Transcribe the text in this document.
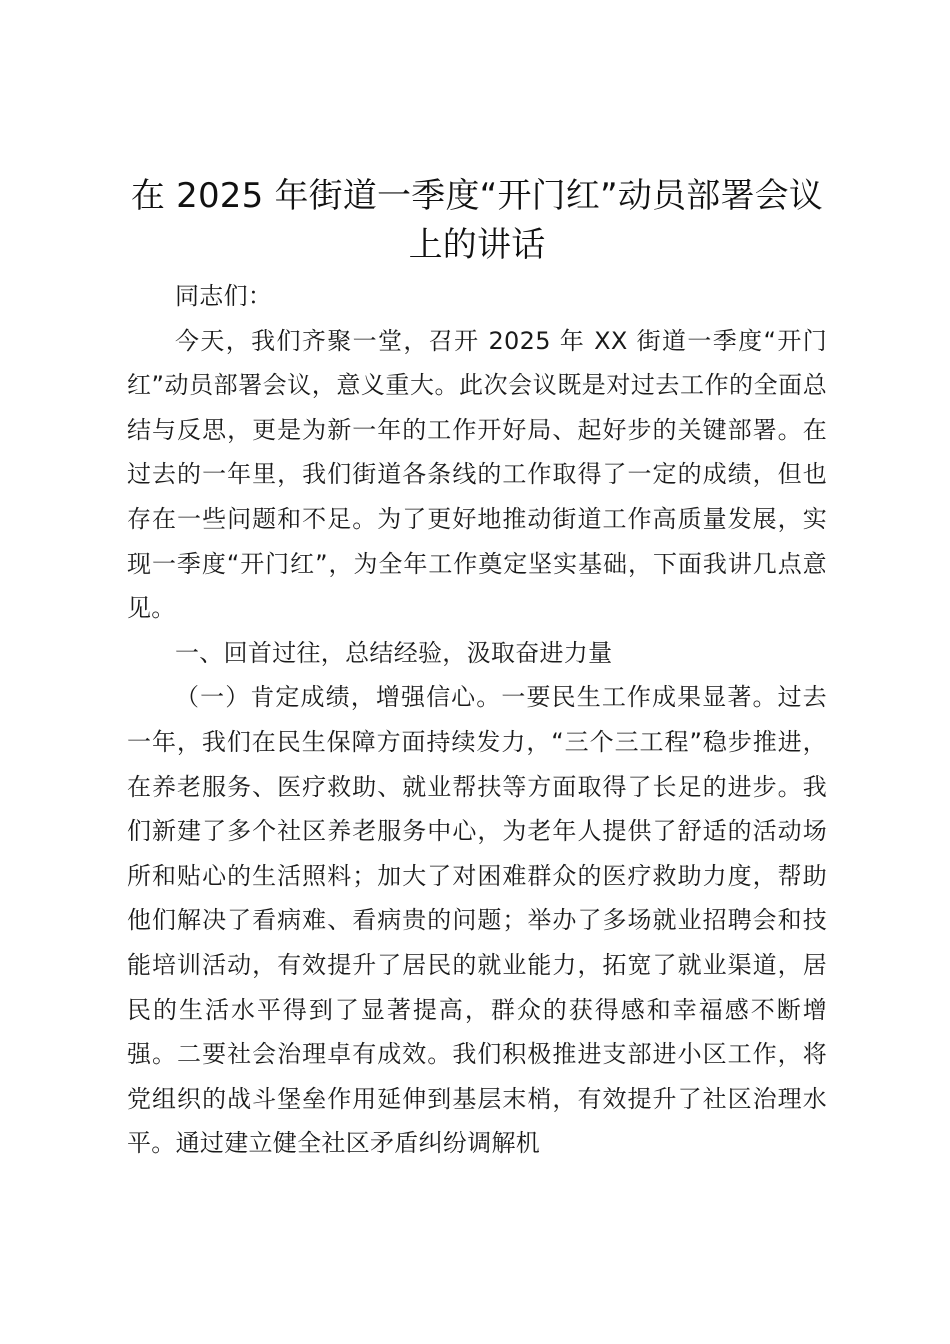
在 2025 年街道一季度“开门红”动员部署会议上的讲话

同志们：

今天，我们齐聚一堂，召开 2025 年 XX 街道一季度“开门红”动员部署会议，意义重大。此次会议既是对过去工作的全面总结与反思，更是为新一年的工作开好局、起好步的关键部署。在过去的一年里，我们街道各条线的工作取得了一定的成绩，但也存在一些问题和不足。为了更好地推动街道工作高质量发展，实现一季度“开门红”，为全年工作奠定坚实基础，下面我讲几点意见。

一、回首过往，总结经验，汲取奋进力量

（一）肯定成绩，增强信心。一要民生工作成果显著。过去一年，我们在民生保障方面持续发力，“三个三工程”稳步推进，在养老服务、医疗救助、就业帮扶等方面取得了长足的进步。我们新建了多个社区养老服务中心，为老年人提供了舒适的活动场所和贴心的生活照料；加大了对困难群众的医疗救助力度，帮助他们解决了看病难、看病贵的问题；举办了多场就业招聘会和技能培训活动，有效提升了居民的就业能力，拓宽了就业渠道，居民的生活水平得到了显著提高，群众的获得感和幸福感不断增强。二要社会治理卓有成效。我们积极推进支部进小区工作，将党组织的战斗堡垒作用延伸到基层末梢，有效提升了社区治理水平。通过建立健全社区矛盾纠纷调解机
